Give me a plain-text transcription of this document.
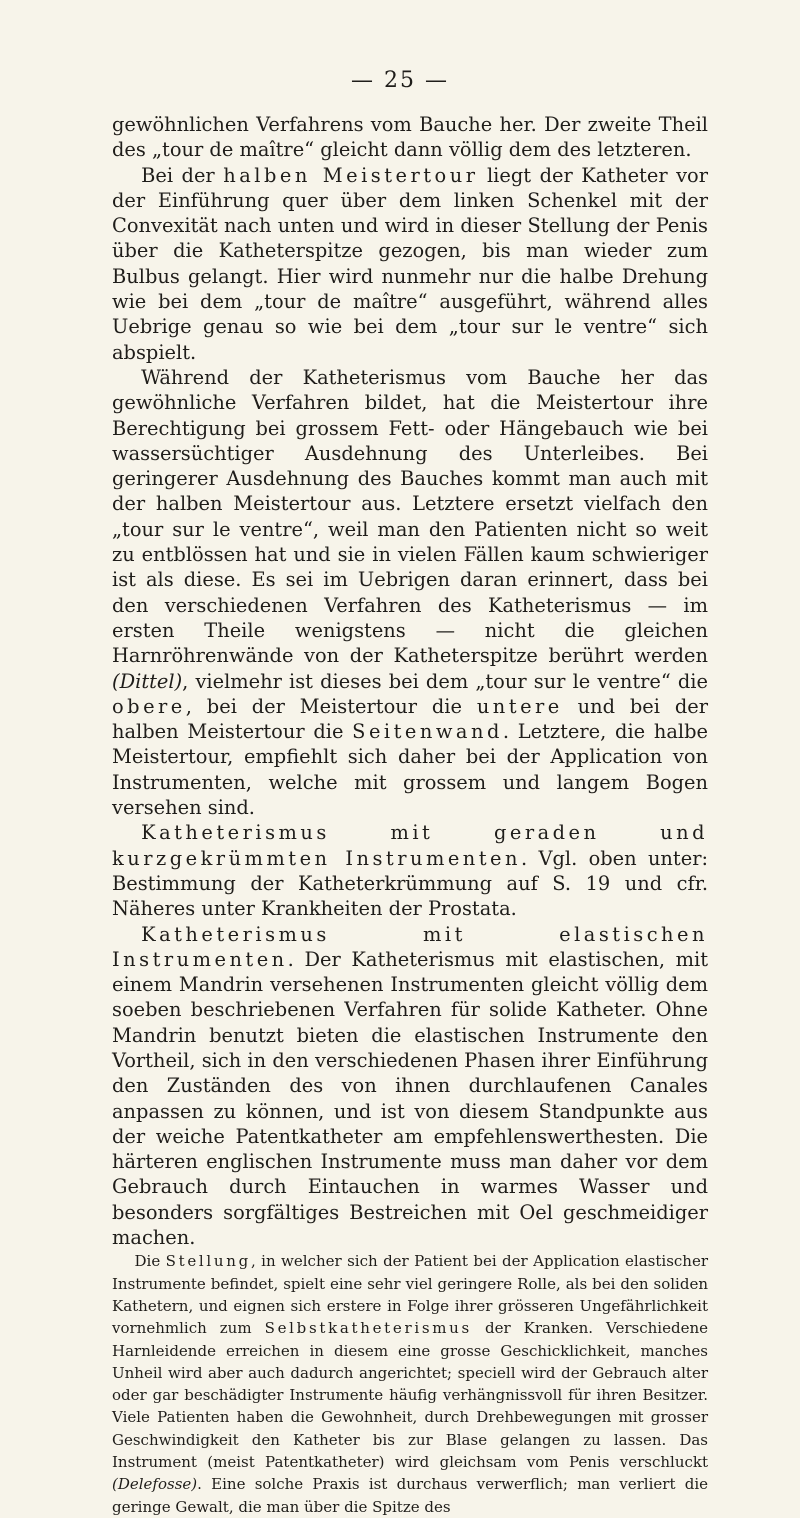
— 25 —

gewöhnlichen Verfahrens vom Bauche her. Der zweite Theil des „tour de maître“ gleicht dann völlig dem des letzteren.

Bei der halben Meistertour liegt der Katheter vor der Einführung quer über dem linken Schenkel mit der Convexität nach unten und wird in dieser Stellung der Penis über die Katheterspitze gezogen, bis man wieder zum Bulbus gelangt. Hier wird nunmehr nur die halbe Drehung wie bei dem „tour de maître“ ausgeführt, während alles Uebrige genau so wie bei dem „tour sur le ventre“ sich abspielt.

Während der Katheterismus vom Bauche her das gewöhnliche Verfahren bildet, hat die Meistertour ihre Berechtigung bei grossem Fett- oder Hängebauch wie bei wassersüchtiger Ausdehnung des Unterleibes. Bei geringerer Ausdehnung des Bauches kommt man auch mit der halben Meistertour aus. Letztere ersetzt vielfach den „tour sur le ventre“, weil man den Patienten nicht so weit zu entblössen hat und sie in vielen Fällen kaum schwieriger ist als diese. Es sei im Uebrigen daran erinnert, dass bei den verschiedenen Verfahren des Katheterismus — im ersten Theile wenigstens — nicht die gleichen Harnröhrenwände von der Katheterspitze berührt werden (Dittel), vielmehr ist dieses bei dem „tour sur le ventre“ die obere, bei der Meistertour die untere und bei der halben Meistertour die Seitenwand. Letztere, die halbe Meistertour, empfiehlt sich daher bei der Application von Instrumenten, welche mit grossem und langem Bogen versehen sind.

Katheterismus mit geraden und kurzgekrümmten Instrumenten. Vgl. oben unter: Bestimmung der Katheterkrümmung auf S. 19 und cfr. Näheres unter Krankheiten der Prostata.

Katheterismus mit elastischen Instrumenten. Der Katheterismus mit elastischen, mit einem Mandrin versehenen Instrumenten gleicht völlig dem soeben beschriebenen Verfahren für solide Katheter. Ohne Mandrin benutzt bieten die elastischen Instrumente den Vortheil, sich in den verschiedenen Phasen ihrer Einführung den Zuständen des von ihnen durchlaufenen Canales anpassen zu können, und ist von diesem Standpunkte aus der weiche Patentkatheter am empfehlenswerthesten. Die härteren englischen Instrumente muss man daher vor dem Gebrauch durch Eintauchen in warmes Wasser und besonders sorgfältiges Bestreichen mit Oel geschmeidiger machen.

Die Stellung, in welcher sich der Patient bei der Application elastischer Instrumente befindet, spielt eine sehr viel geringere Rolle, als bei den soliden Kathetern, und eignen sich erstere in Folge ihrer grösseren Ungefährlichkeit vornehmlich zum Selbstkatheterismus der Kranken. Verschiedene Harnleidende erreichen in diesem eine grosse Geschicklichkeit, manches Unheil wird aber auch dadurch angerichtet; speciell wird der Gebrauch alter oder gar beschädigter Instrumente häufig verhängnissvoll für ihren Besitzer. Viele Patienten haben die Gewohnheit, durch Drehbewegungen mit grosser Geschwindigkeit den Katheter bis zur Blase gelangen zu lassen. Das Instrument (meist Patentkatheter) wird gleichsam vom Penis verschluckt (Delefosse). Eine solche Praxis ist durchaus verwerflich; man verliert die geringe Gewalt, die man über die Spitze des
